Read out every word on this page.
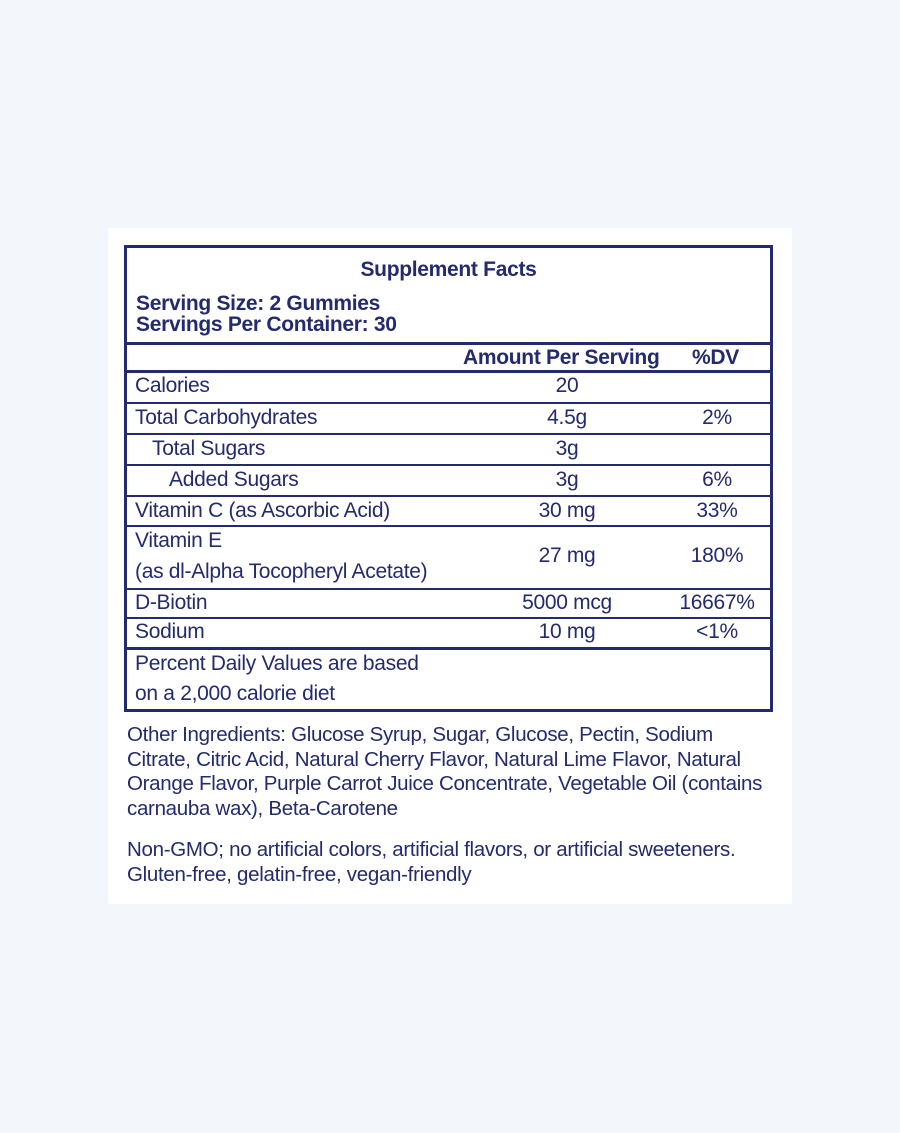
Supplement Facts
Serving Size: 2 Gummies
Servings Per Container: 30
Amount Per Serving %DV
Calories	20
Total Carbohydrates	4.5g	2%
Total Sugars	3g
Added Sugars	3g	6%
Vitamin C (as Ascorbic Acid)	30 mg	33%
Vitamin E
(as dl-Alpha Tocopheryl Acetate)
27 mg	180%
D-Biotin	5000 mcg	16667%
Sodium	10 mg	<1%
Percent Daily Values are based
on a 2,000 calorie diet
Other Ingredients: Glucose Syrup, Sugar, Glucose, Pectin, Sodium
Citrate, Citric Acid, Natural Cherry Flavor, Natural Lime Flavor, Natural
Orange Flavor, Purple Carrot Juice Concentrate, Vegetable Oil (contains
carnauba wax), Beta-Carotene
Non-GMO; no artificial colors, artificial flavors, or artificial sweeteners.
Gluten-free, gelatin-free, vegan-friendly
